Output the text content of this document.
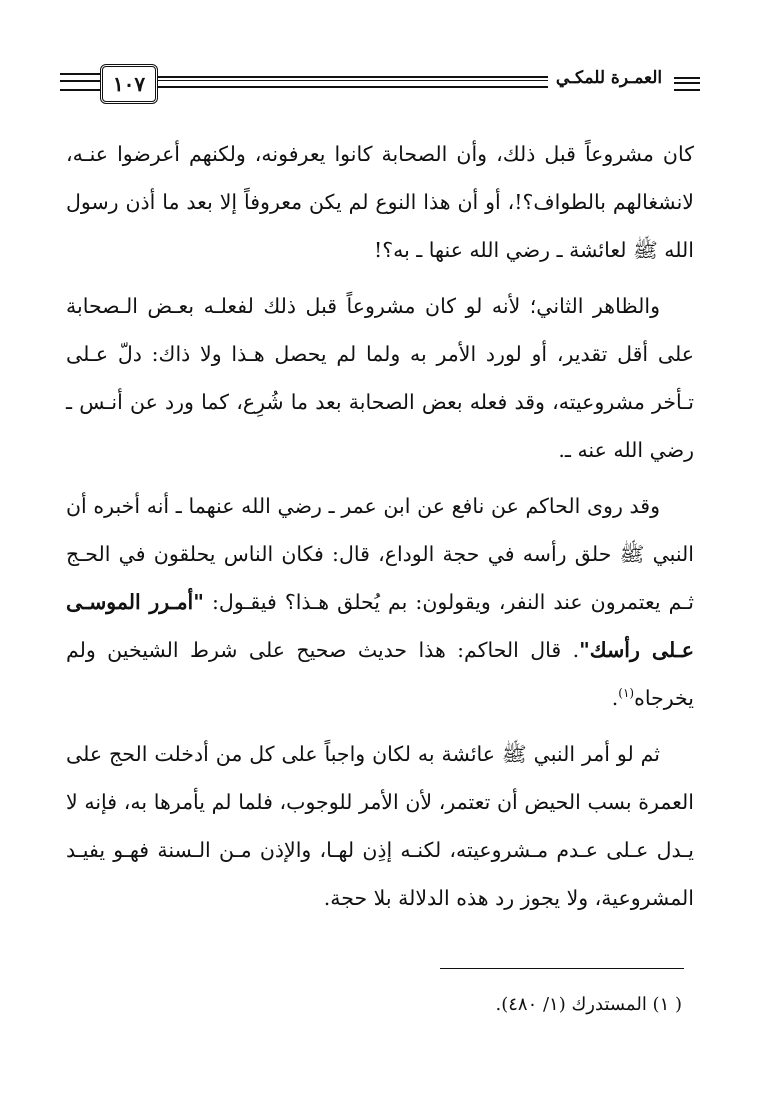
١٠٧	العمـرة للمكـي

كان مشروعاً قبل ذلك، وأن الصحابة كانوا يعرفونه، ولكنهم أعرضوا عنـه، لانشغالهم بالطواف؟!، أو أن هذا النوع لم يكن معروفاً إلا بعد ما أذن رسول الله ﷺ لعائشة ـ رضي الله عنها ـ به؟!

والظاهر الثاني؛ لأنه لو كان مشروعاً قبل ذلك لفعلـه بعـض الـصحابة على أقل تقدير، أو لورد الأمر به ولما لم يحصل هـذا ولا ذاك: دلّ عـلى تـأخر مشروعيته، وقد فعله بعض الصحابة بعد ما شُرِع، كما ورد عن أنـس ـ رضي الله عنه ـ.

وقد روى الحاكم عن نافع عن ابن عمر ـ رضي الله عنهما ـ أنه أخبره أن النبي ﷺ حلق رأسه في حجة الوداع، قال: فكان الناس يحلقون في الحـج ثـم يعتمرون عند النفر، ويقولون: بم يُحلق هـذا؟ فيقـول: "أمـرر الموسـى عـلى رأسك". قال الحاكم: هذا حديث صحيح على شرط الشيخين ولم يخرجاه$^{(١)}$.

ثم لو أمر النبي ﷺ عائشة به لكان واجباً على كل من أدخلت الحج على العمرة بسب الحيض أن تعتمر، لأن الأمر للوجوب، فلما لم يأمرها به، فإنه لا يـدل عـلى عـدم مـشروعيته، لكنـه إذِن لهـا، والإذن مـن الـسنة فهـو يفيـد المشروعية، ولا يجوز رد هذه الدلالة بلا حجة.

( ١) المستدرك (١/ ٤٨٠).
